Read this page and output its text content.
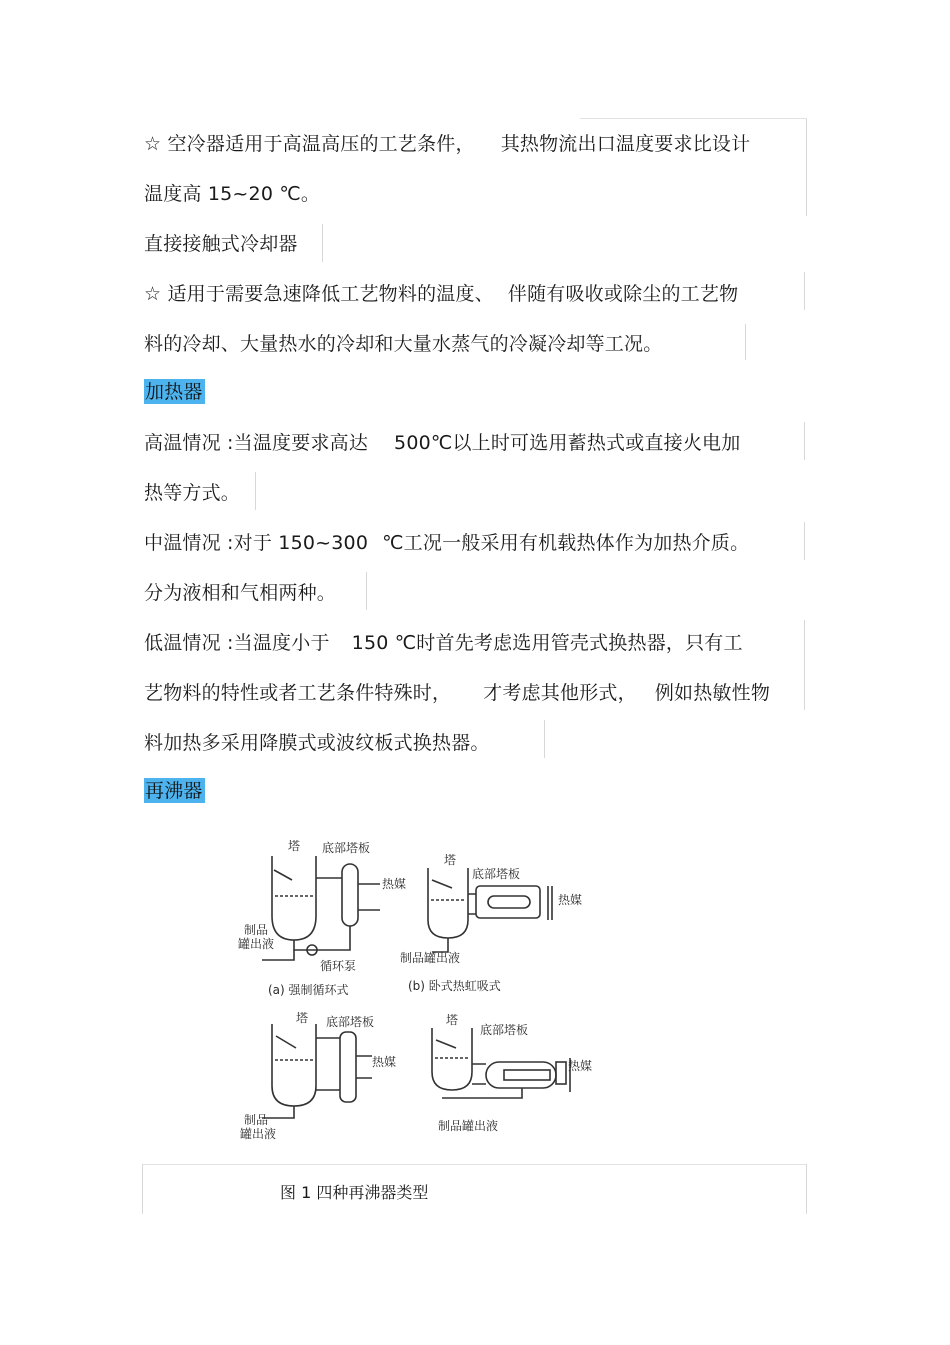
☆ 空冷器适用于高温高压的工艺条件， 其热物流出口温度要求比设计
温度高 15~20 ℃。
直接接触式冷却器
☆ 适用于需要急速降低工艺物料的温度、 伴随有吸收或除尘的工艺物
料的冷却、大量热水的冷却和大量水蒸气的冷凝冷却等工况。
加热器
高温情况 :当温度要求高达 500℃以上时可选用蓄热式或直接火电加
热等方式。
中温情况 :对于 150~300 ℃工况一般采用有机载热体作为加热介质。
分为液相和气相两种。
低温情况 :当温度小于 150 ℃时首先考虑选用管壳式换热器，只有工
艺物料的特性或者工艺条件特殊时， 才考虑其他形式， 例如热敏性物
料加热多采用降膜式或波纹板式换热器。
再沸器
塔 底部塔板
热媒
制品
罐出液
循环泵
(a) 强制循环式
塔
底部塔板
热媒
制品罐出液
(b) 卧式热虹吸式
塔 底部塔板
热媒
制品
罐出液
塔
底部塔板
热媒
制品罐出液
图 1 四种再沸器类型
